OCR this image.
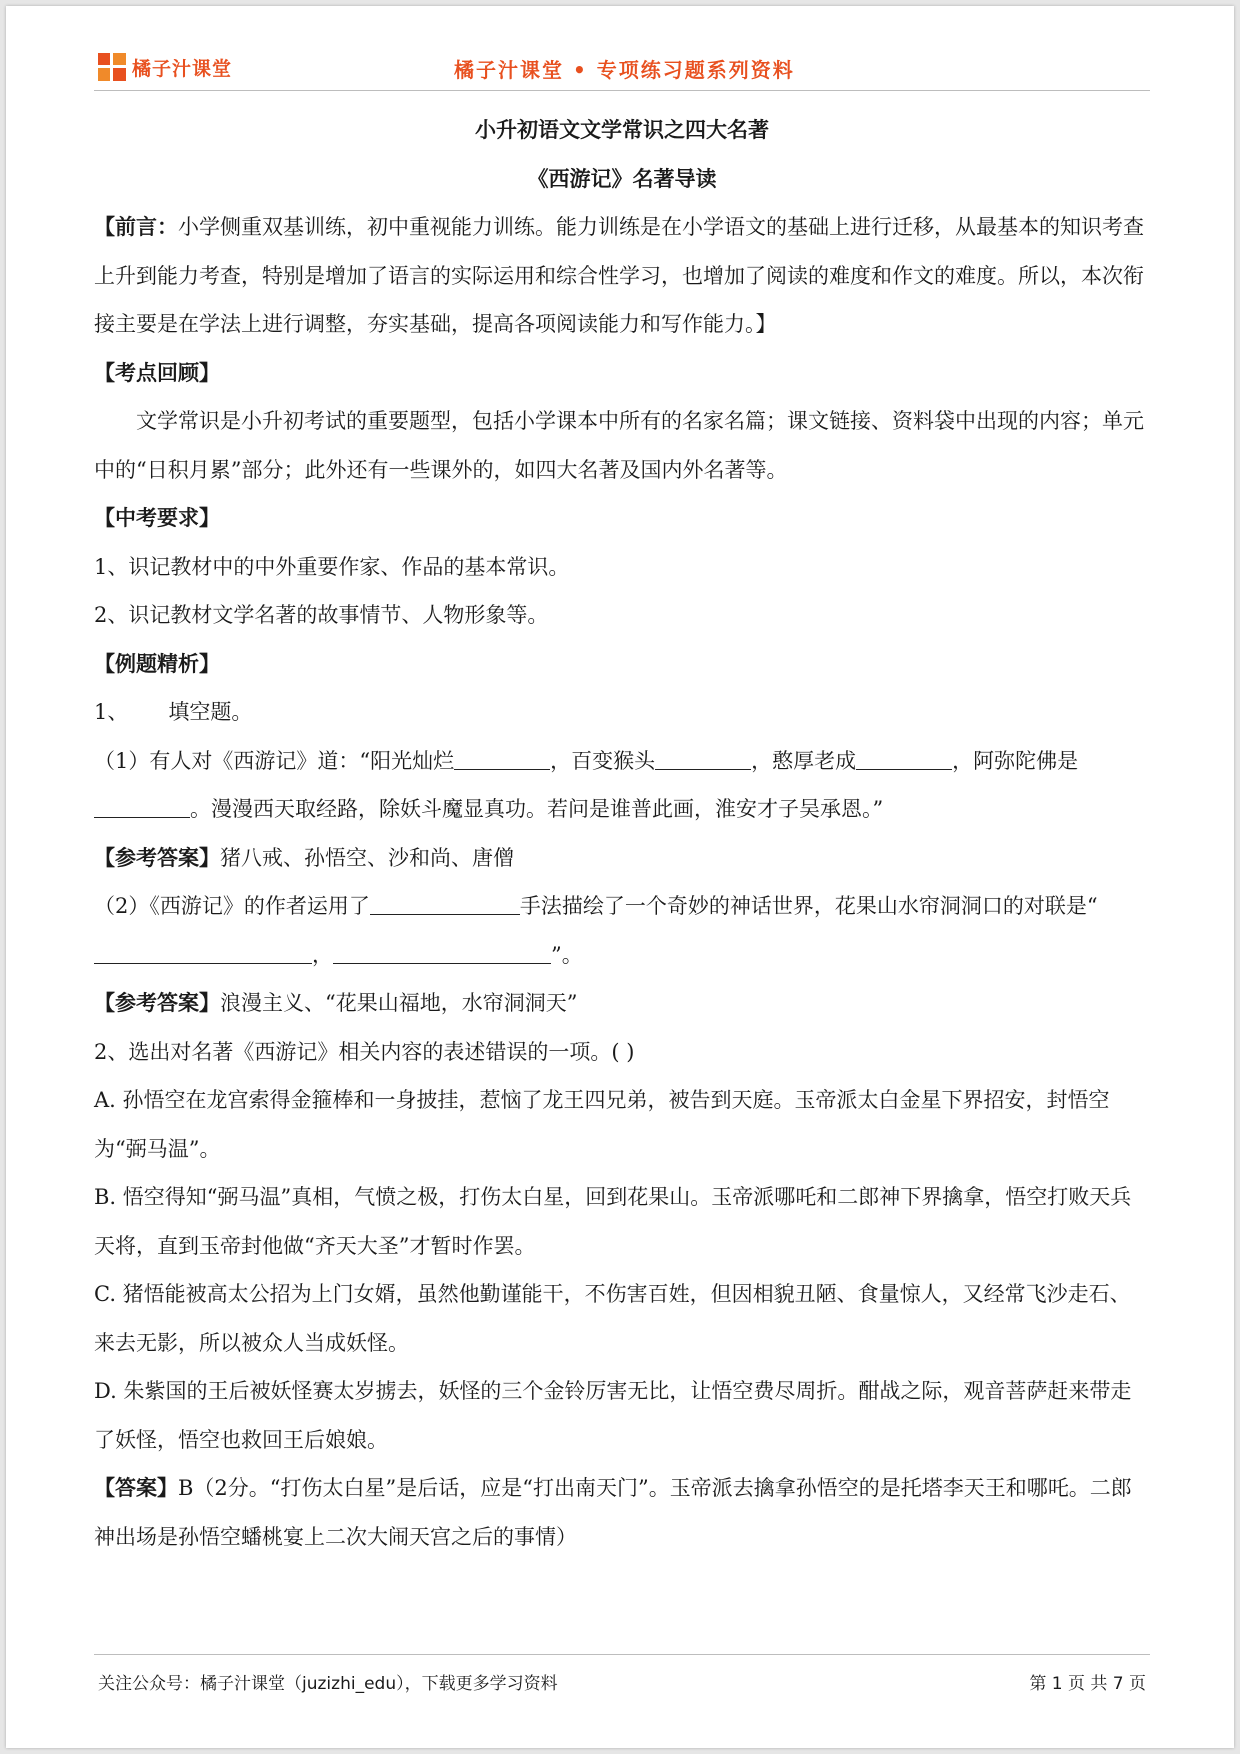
橘子汁课堂	橘子汁课堂 • 专项练习题系列资料

小升初语文文学常识之四大名著

《西游记》名著导读

【前言：小学侧重双基训练，初中重视能力训练。能力训练是在小学语文的基础上进行迁移，从最基本的知识考查上升到能力考查，特别是增加了语言的实际运用和综合性学习，也增加了阅读的难度和作文的难度。所以，本次衔接主要是在学法上进行调整，夯实基础，提高各项阅读能力和写作能力。】

【考点回顾】

文学常识是小升初考试的重要题型，包括小学课本中所有的名家名篇；课文链接、资料袋中出现的内容；单元中的“日积月累”部分；此外还有一些课外的，如四大名著及国内外名著等。

【中考要求】

1、识记教材中的中外重要作家、作品的基本常识。

2、识记教材文学名著的故事情节、人物形象等。

【例题精析】

1、 填空题。

（1）有人对《西游记》道：“阳光灿烂	，百变猴头	，憨厚老成	，阿弥陀佛是。漫漫西天取经路，除妖斗魔显真功。若问是谁普此画，淮安才子吴承恩。”

【参考答案】猪八戒、孙悟空、沙和尚、唐僧

（2）《西游记》的作者运用了	手法描绘了一个奇妙的神话世界，花果山水帘洞洞口的对联是“，	”。

【参考答案】浪漫主义、“花果山福地，水帘洞洞天”

2、选出对名著《西游记》相关内容的表述错误的一项。( )

A. 孙悟空在龙宫索得金箍棒和一身披挂，惹恼了龙王四兄弟，被告到天庭。玉帝派太白金星下界招安，封悟空为“弼马温”。

B. 悟空得知“弼马温”真相，气愤之极，打伤太白星，回到花果山。玉帝派哪吒和二郎神下界擒拿，悟空打败天兵天将，直到玉帝封他做“齐天大圣”才暂时作罢。

C. 猪悟能被高太公招为上门女婿，虽然他勤谨能干，不伤害百姓，但因相貌丑陋、食量惊人，又经常飞沙走石、来去无影，所以被众人当成妖怪。

D. 朱紫国的王后被妖怪赛太岁掳去，妖怪的三个金铃厉害无比，让悟空费尽周折。酣战之际，观音菩萨赶来带走了妖怪，悟空也救回王后娘娘。

【答案】B（2分。“打伤太白星”是后话，应是“打出南天门”。玉帝派去擒拿孙悟空的是托塔李天王和哪吒。二郎神出场是孙悟空蟠桃宴上二次大闹天宫之后的事情）

关注公众号：橘子汁课堂（juzizhi_edu），下载更多学习资料	第 1 页 共 7 页
